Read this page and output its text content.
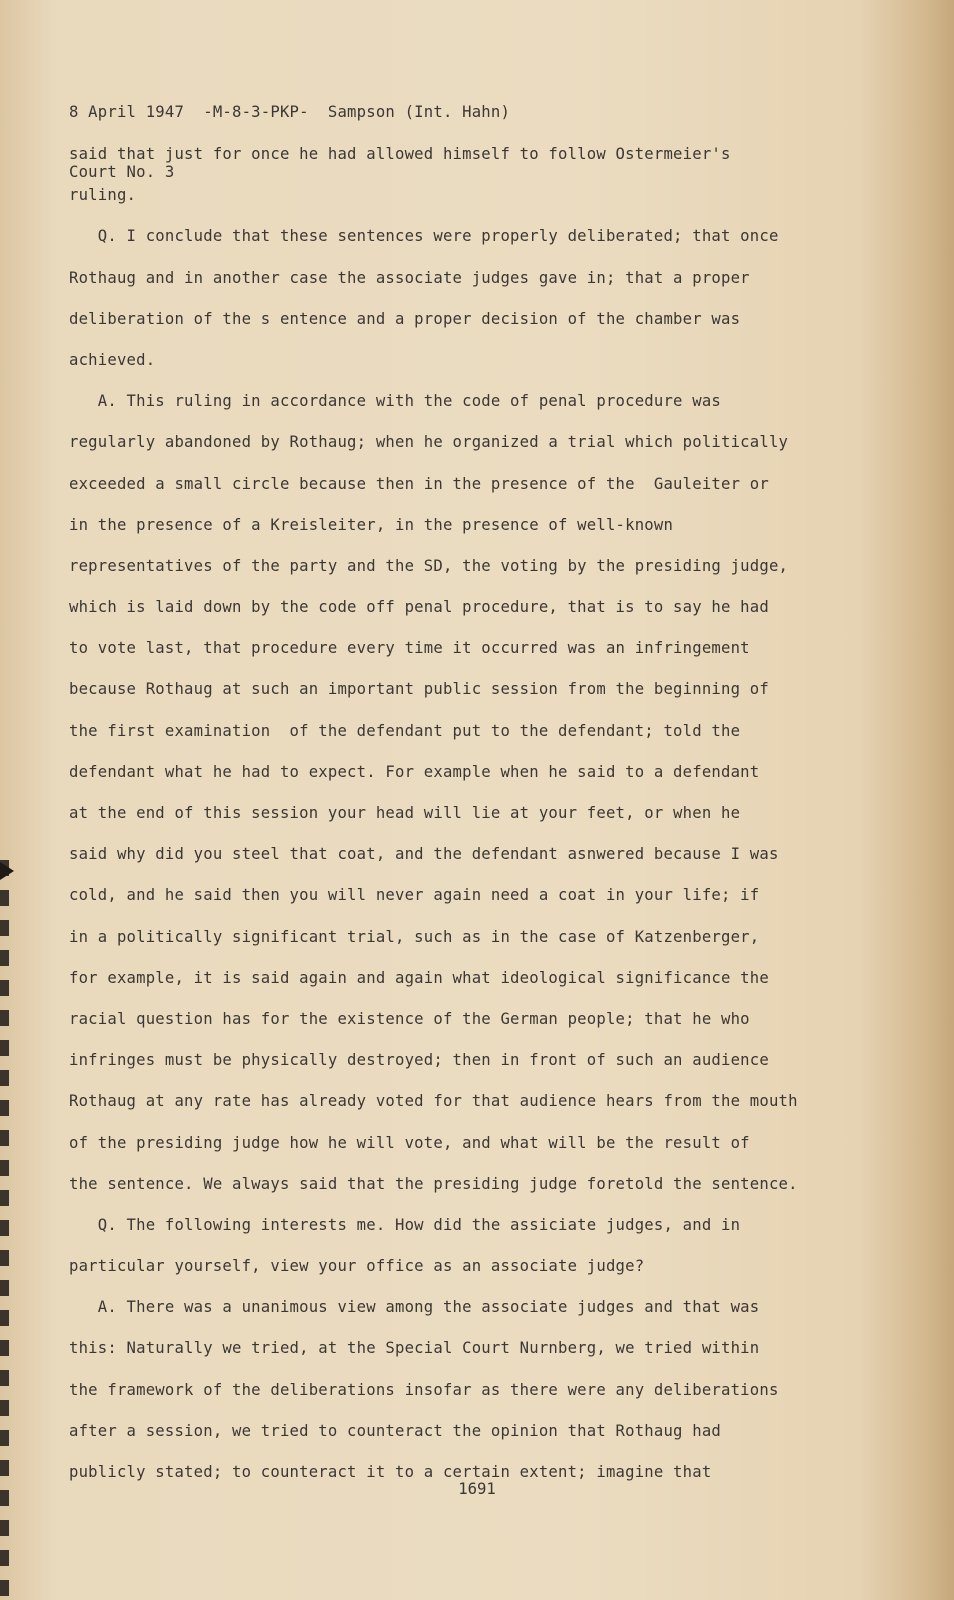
8 April 1947  -M-8-3-PKP-  Sampson (Int. Hahn)

Court No. 3

said that just for once he had allowed himself to follow Ostermeier's
ruling.
Q. I conclude that these sentences were properly deliberated; that once
Rothaug and in another case the associate judges gave in; that a proper
deliberation of the s entence and a proper decision of the chamber was
achieved.
A. This ruling in accordance with the code of penal procedure was
regularly abandoned by Rothaug; when he organized a trial which politically
exceeded a small circle because then in the presence of the  Gauleiter or
in the presence of a Kreisleiter, in the presence of well-known
representatives of the party and the SD, the voting by the presiding judge,
which is laid down by the code off penal procedure, that is to say he had
to vote last, that procedure every time it occurred was an infringement
because Rothaug at such an important public session from the beginning of
the first examination  of the defendant put to the defendant; told the
defendant what he had to expect. For example when he said to a defendant
at the end of this session your head will lie at your feet, or when he
said why did you steel that coat, and the defendant asnwered because I was
cold, and he said then you will never again need a coat in your life; if
in a politically significant trial, such as in the case of Katzenberger,
for example, it is said again and again what ideological significance the
racial question has for the existence of the German people; that he who
infringes must be physically destroyed; then in front of such an audience
Rothaug at any rate has already voted for that audience hears from the mouth
of the presiding judge how he will vote, and what will be the result of
the sentence. We always said that the presiding judge foretold the sentence.
Q. The following interests me. How did the assiciate judges, and in
particular yourself, view your office as an associate judge?
A. There was a unanimous view among the associate judges and that was
this: Naturally we tried, at the Special Court Nurnberg, we tried within
the framework of the deliberations insofar as there were any deliberations
after a session, we tried to counteract the opinion that Rothaug had
publicly stated; to counteract it to a certain extent; imagine that
1691
